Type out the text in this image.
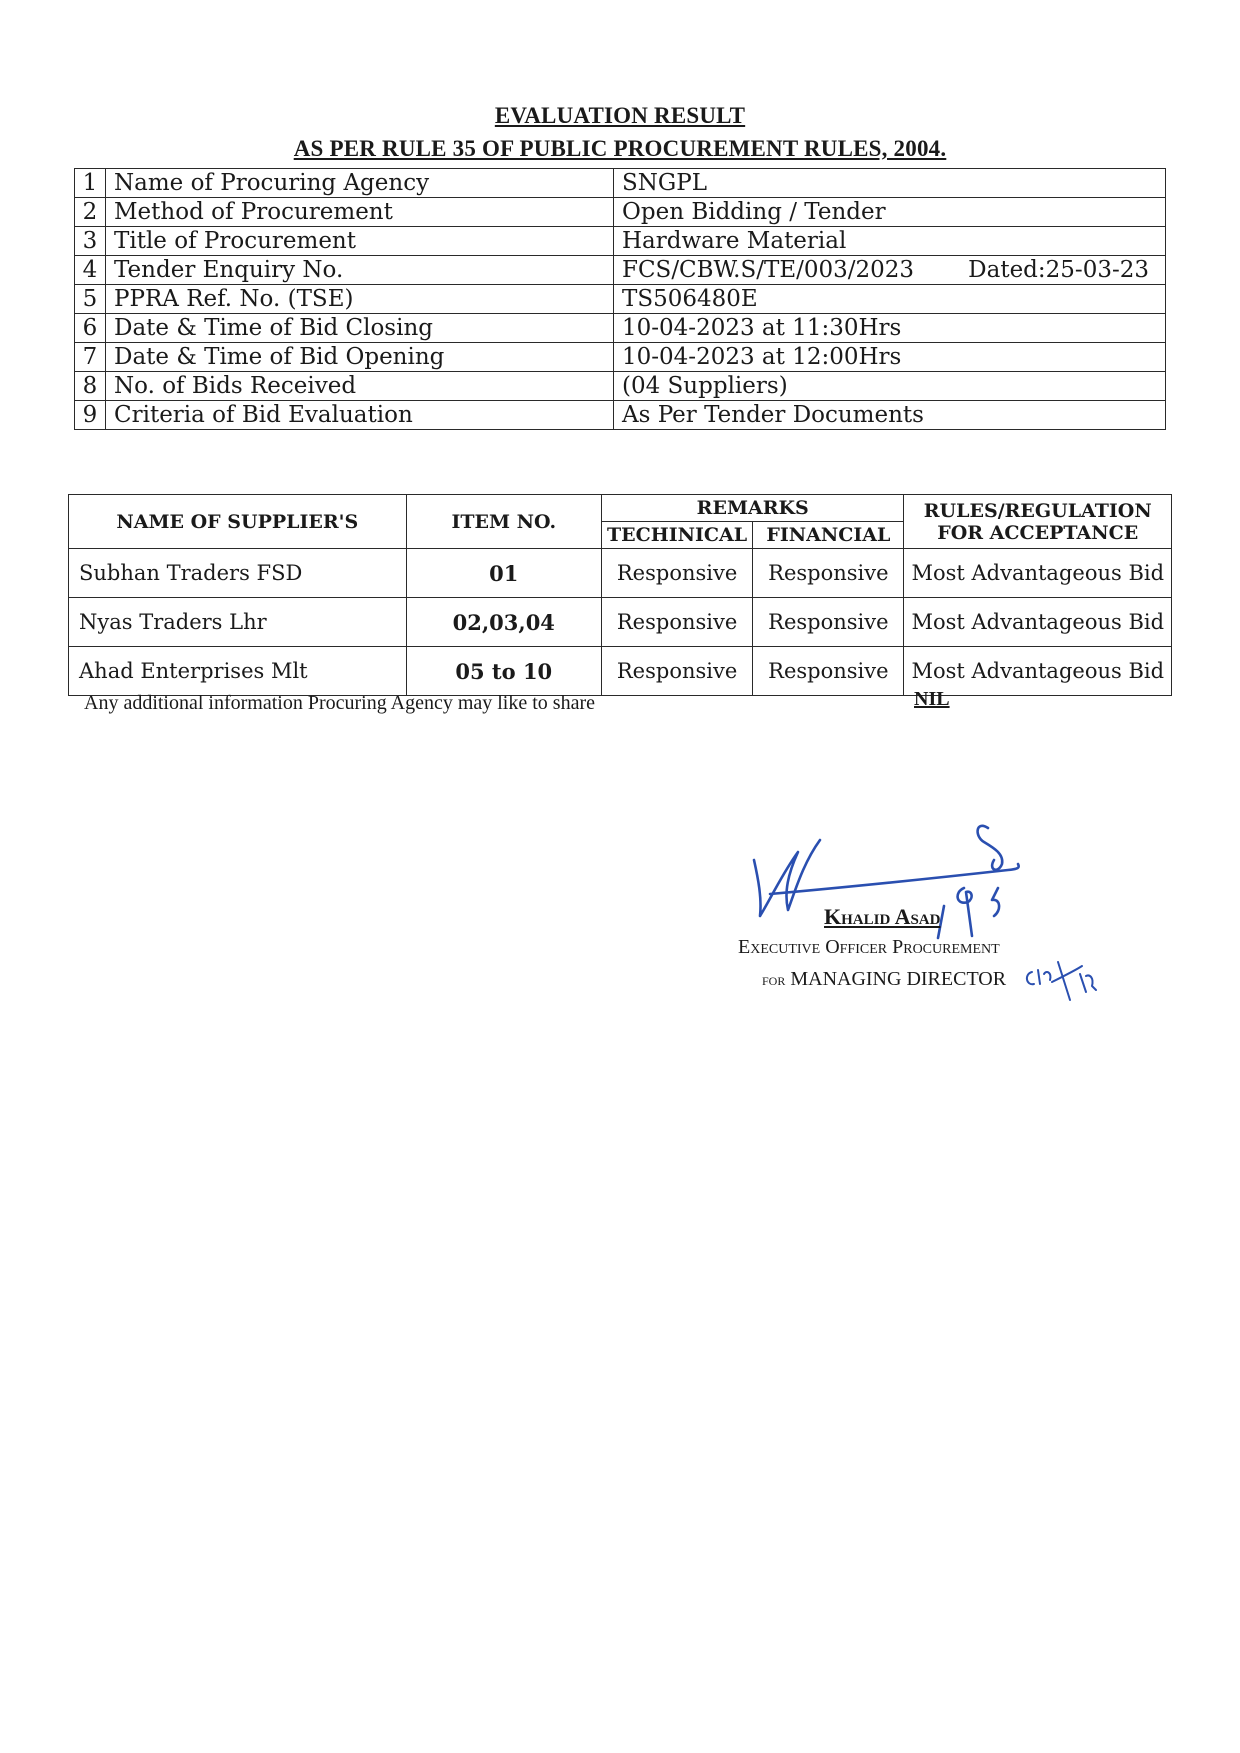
EVALUATION RESULT
AS PER RULE 35 OF PUBLIC PROCUREMENT RULES, 2004.
1	Name of Procuring Agency	SNGPL
2	Method of Procurement	Open Bidding / Tender
3	Title of Procurement	Hardware Material
4	Tender Enquiry No.	FCS/CBW.S/TE/003/2023 Dated:25-03-23

5	PPRA Ref. No. (TSE)	TS506480E
6	Date & Time of Bid Closing	10-04-2023 at 11:30Hrs
7	Date & Time of Bid Opening	10-04-2023 at 12:00Hrs
8	No. of Bids Received	(04 Suppliers)
9	Criteria of Bid Evaluation	As Per Tender Documents
NAME OF SUPPLIER'S	ITEM NO.	REMARKS		RULES/REGULATION
FOR ACCEPTANCE

		TECHINICAL	FINANCIAL	
Subhan Traders FSD	01	Responsive	Responsive	Most Advantageous Bid
Nyas Traders Lhr	02,03,04	Responsive	Responsive	Most Advantageous Bid
Ahad Enterprises Mlt	05 to 10	Responsive	Responsive	Most Advantageous Bid
Any additional information Procuring Agency may like to share	NIL
Khalid Asad
Executive Officer Procurement
for MANAGING DIRECTOR
